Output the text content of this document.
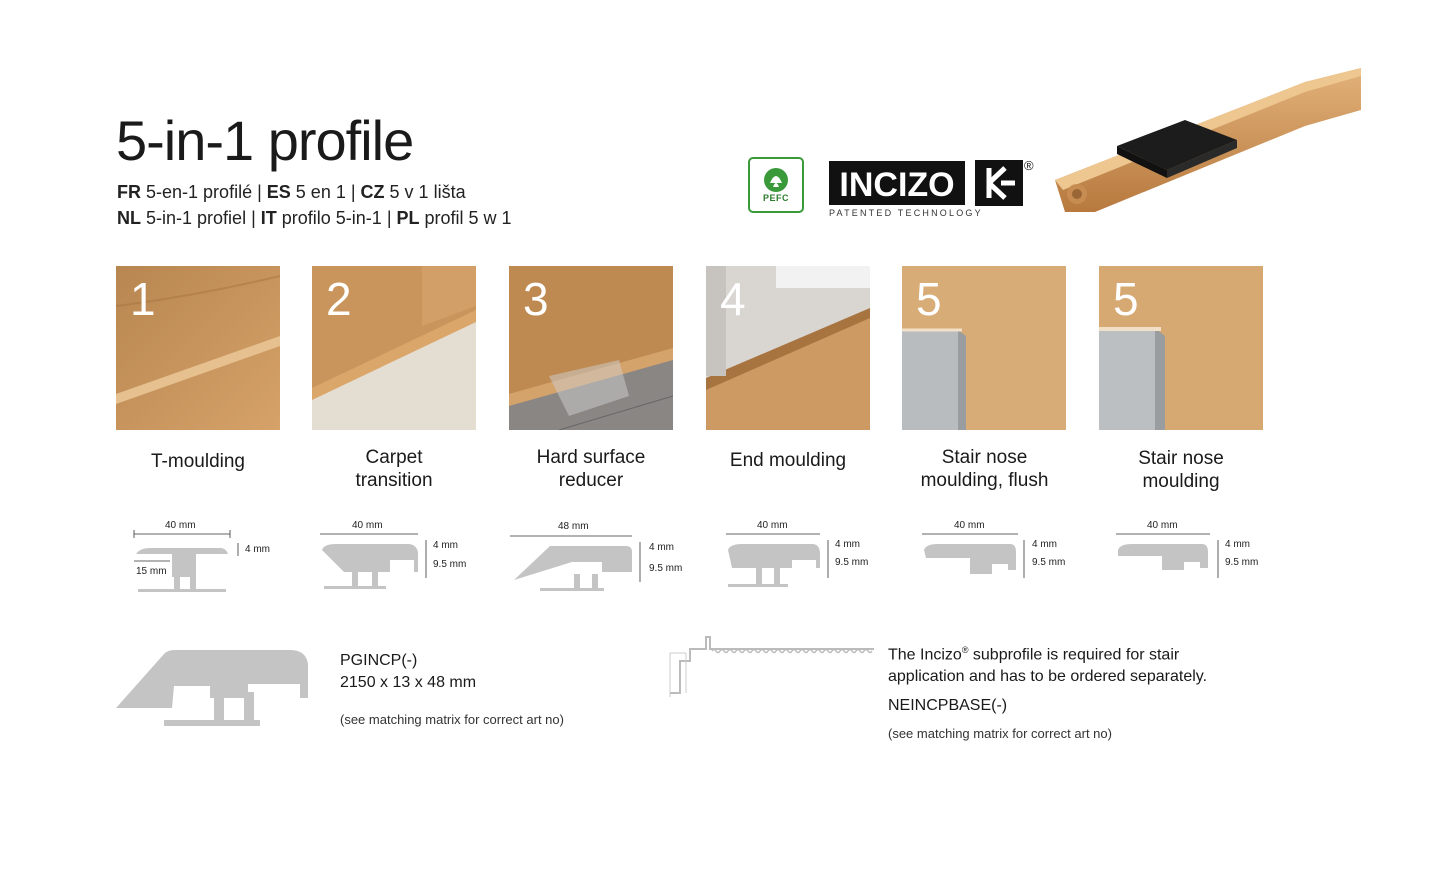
5-in-1 profile
FR 5-en-1 profilé | ES 5 en 1 | CZ 5 v 1 lišta
NL 5-in-1 profiel | IT profilo 5-in-1 | PL profil 5 w 1
PEFC	INCIZO
®
PATENTED TECHNOLOGY
1	2	3	4	5	5
T-moulding	Carpet transition
Hard surface reducer
End moulding	Stair nose moulding, flush
Stair nose moulding
40 mm
4 mm
15 mm
40 mm
4 mm
9.5 mm
48 mm
4 mm
9.5 mm
40 mm
4 mm
9.5 mm
40 mm
4 mm
9.5 mm
40 mm
4 mm
9.5 mm
PGINCP(-)
2150 x 13 x 48 mm
(see matching matrix for correct art no)
The Incizo® subprofile is required for stair application and has to be ordered separately.
NEINCPBASE(-)
(see matching matrix for correct art no)
